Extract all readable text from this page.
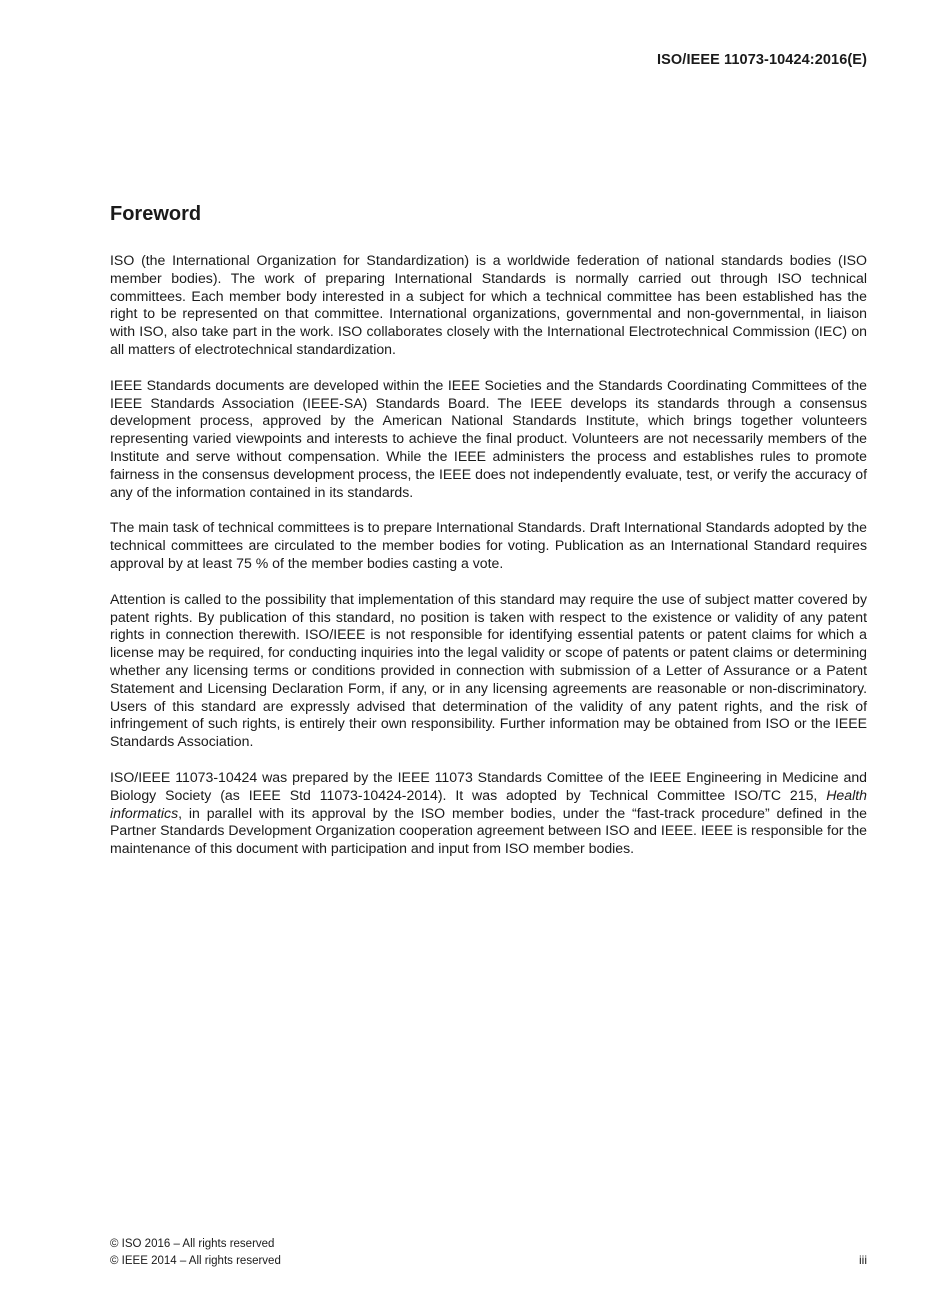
ISO/IEEE 11073-10424:2016(E)
Foreword

ISO (the International Organization for Standardization) is a worldwide federation of national standards bodies (ISO member bodies). The work of preparing International Standards is normally carried out through ISO technical committees. Each member body interested in a subject for which a technical committee has been established has the right to be represented on that committee. International organizations, governmental and non-governmental, in liaison with ISO, also take part in the work. ISO collaborates closely with the International Electrotechnical Commission (IEC) on all matters of electrotechnical standardization.

IEEE Standards documents are developed within the IEEE Societies and the Standards Coordinating Committees of the IEEE Standards Association (IEEE-SA) Standards Board. The IEEE develops its standards through a consensus development process, approved by the American National Standards Institute, which brings together volunteers representing varied viewpoints and interests to achieve the final product. Volunteers are not necessarily members of the Institute and serve without compensation. While the IEEE administers the process and establishes rules to promote fairness in the consensus development process, the IEEE does not independently evaluate, test, or verify the accuracy of any of the information contained in its standards.

The main task of technical committees is to prepare International Standards. Draft International Standards adopted by the technical committees are circulated to the member bodies for voting. Publication as an International Standard requires approval by at least 75 % of the member bodies casting a vote.

Attention is called to the possibility that implementation of this standard may require the use of subject matter covered by patent rights. By publication of this standard, no position is taken with respect to the existence or validity of any patent rights in connection therewith. ISO/IEEE is not responsible for identifying essential patents or patent claims for which a license may be required, for conducting inquiries into the legal validity or scope of patents or patent claims or determining whether any licensing terms or conditions provided in connection with submission of a Letter of Assurance or a Patent Statement and Licensing Declaration Form, if any, or in any licensing agreements are reasonable or non-discriminatory. Users of this standard are expressly advised that determination of the validity of any patent rights, and the risk of infringement of such rights, is entirely their own responsibility. Further information may be obtained from ISO or the IEEE Standards Association.

ISO/IEEE 11073-10424 was prepared by the IEEE 11073 Standards Comittee of the IEEE Engineering in Medicine and Biology Society (as IEEE Std 11073-10424-2014). It was adopted by Technical Committee ISO/TC 215, Health informatics, in parallel with its approval by the ISO member bodies, under the “fast-track procedure” defined in the Partner Standards Development Organization cooperation agreement between ISO and IEEE. IEEE is responsible for the maintenance of this document with participation and input from ISO member bodies.

© ISO 2016 – All rights reserved
© IEEE 2014 – All rights reserved	iii
